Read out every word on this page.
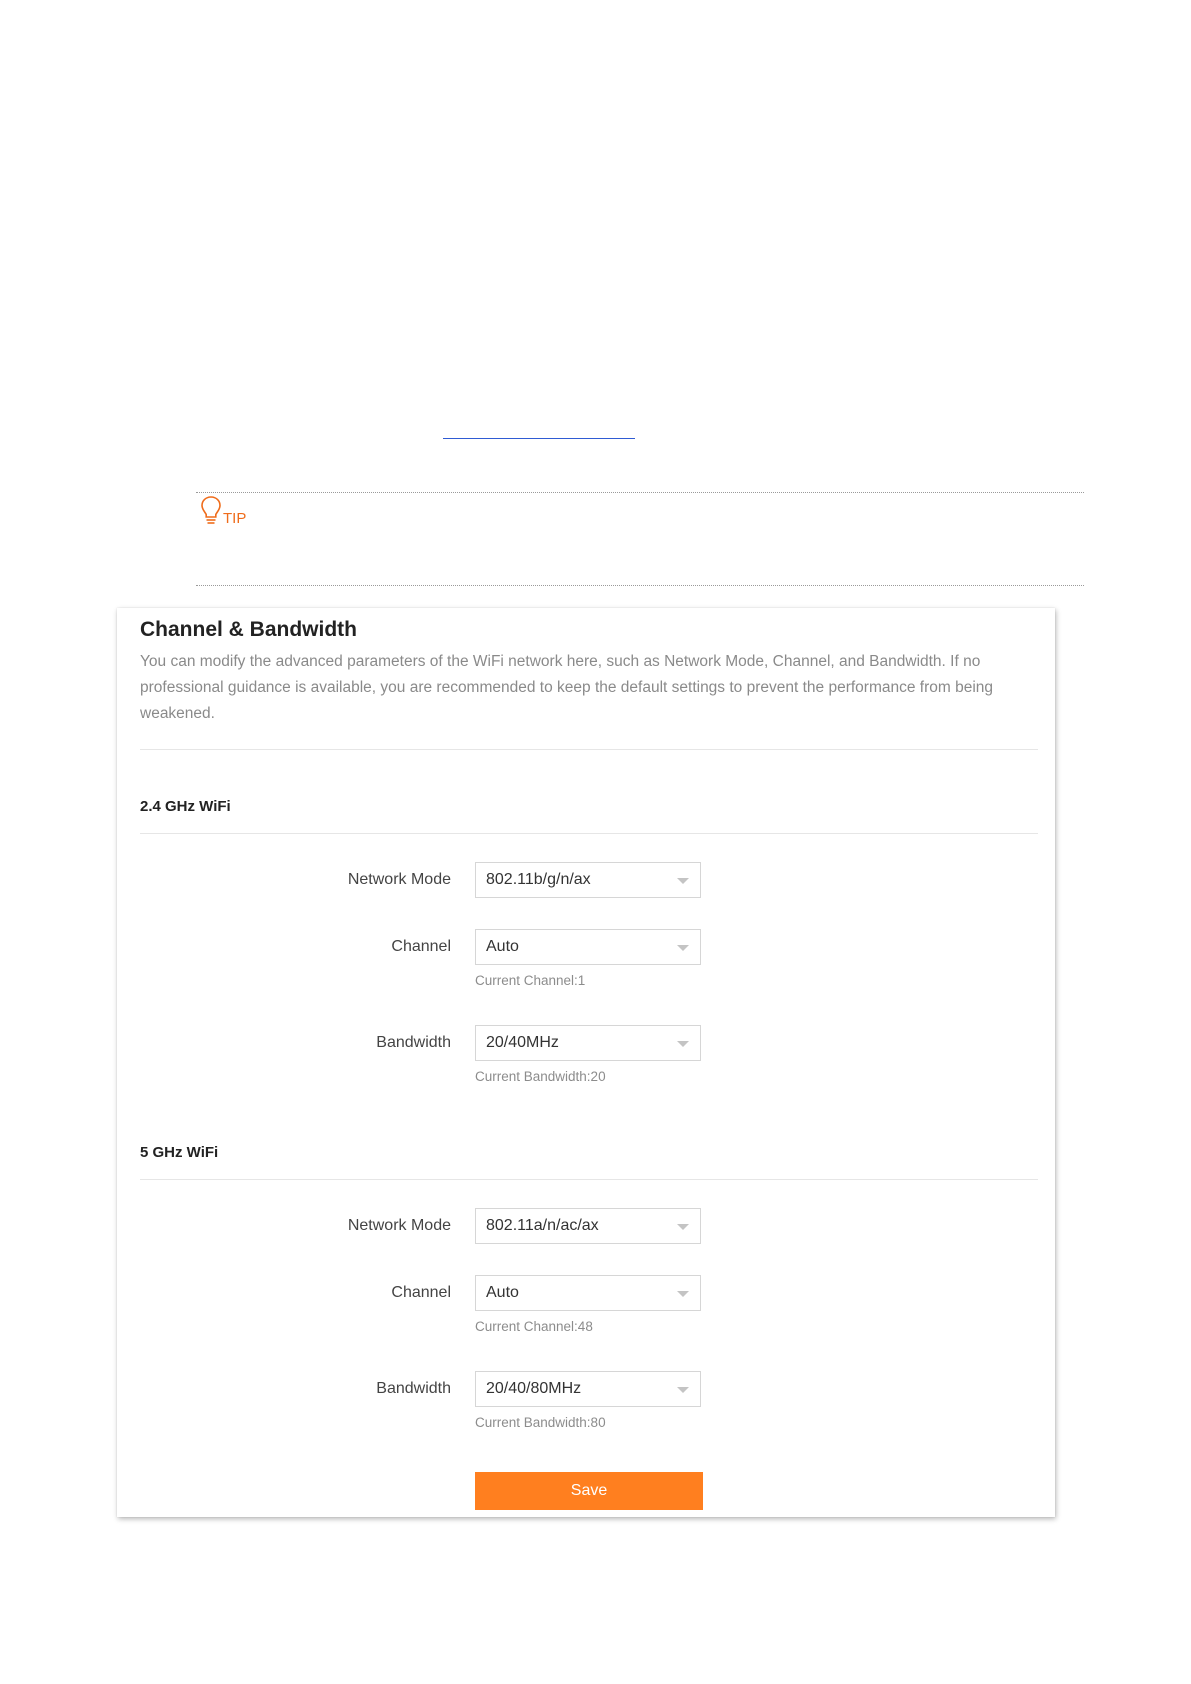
TIP
Channel & Bandwidth

You can modify the advanced parameters of the WiFi network here, such as Network Mode, Channel, and Bandwidth. If no professional guidance is available, you are recommended to keep the default settings to prevent the performance from being weakened.

2.4 GHz WiFi
Network Mode 802.11b/g/n/ax
Channel Auto
Current Channel:1
Bandwidth 20/40MHz
Current Bandwidth:20
5 GHz WiFi
Network Mode 802.11a/n/ac/ax
Channel Auto
Current Channel:48
Bandwidth 20/40/80MHz
Current Bandwidth:80
Save
